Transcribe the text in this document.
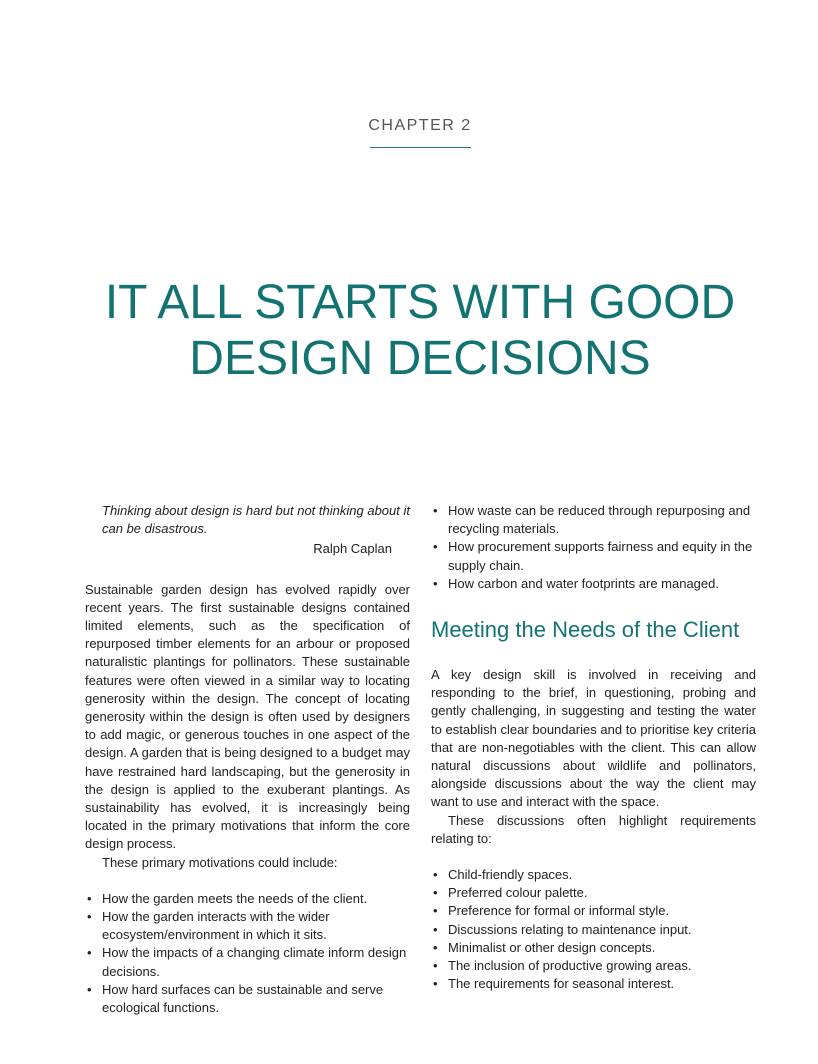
CHAPTER 2
IT ALL STARTS WITH GOOD
DESIGN DECISIONS

Thinking about design is hard but not thinking about it can be disastrous.

Ralph Caplan

Sustainable garden design has evolved rapidly over recent years. The first sustainable designs contained limited elements, such as the specification of repurposed timber elements for an arbour or proposed naturalistic plantings for pollinators. These sustainable features were often viewed in a similar way to locating generosity within the design. The concept of locating generosity within the design is often used by designers to add magic, or generous touches in one aspect of the design. A garden that is being designed to a budget may have restrained hard landscaping, but the generosity in the design is applied to the exuberant plantings. As sustainability has evolved, it is increasingly being located in the primary motivations that inform the core design process.

These primary motivations could include:

• How the garden meets the needs of the client.
• How the garden interacts with the wider ecosystem/environment in which it sits.
• How the impacts of a changing climate inform design decisions.
• How hard surfaces can be sustainable and serve ecological functions.
• How waste can be reduced through repurposing and recycling materials.
• How procurement supports fairness and equity in the supply chain.
• How carbon and water footprints are managed.
Meeting the Needs of the Client

A key design skill is involved in receiving and responding to the brief, in questioning, probing and gently challenging, in suggesting and testing the water to establish clear boundaries and to prioritise key criteria that are non-negotiables with the client. This can allow natural discussions about wildlife and pollinators, alongside discussions about the way the client may want to use and interact with the space.

These discussions often highlight requirements relating to:

• Child-friendly spaces.
• Preferred colour palette.
• Preference for formal or informal style.
• Discussions relating to maintenance input.
• Minimalist or other design concepts.
• The inclusion of productive growing areas.
• The requirements for seasonal interest.
